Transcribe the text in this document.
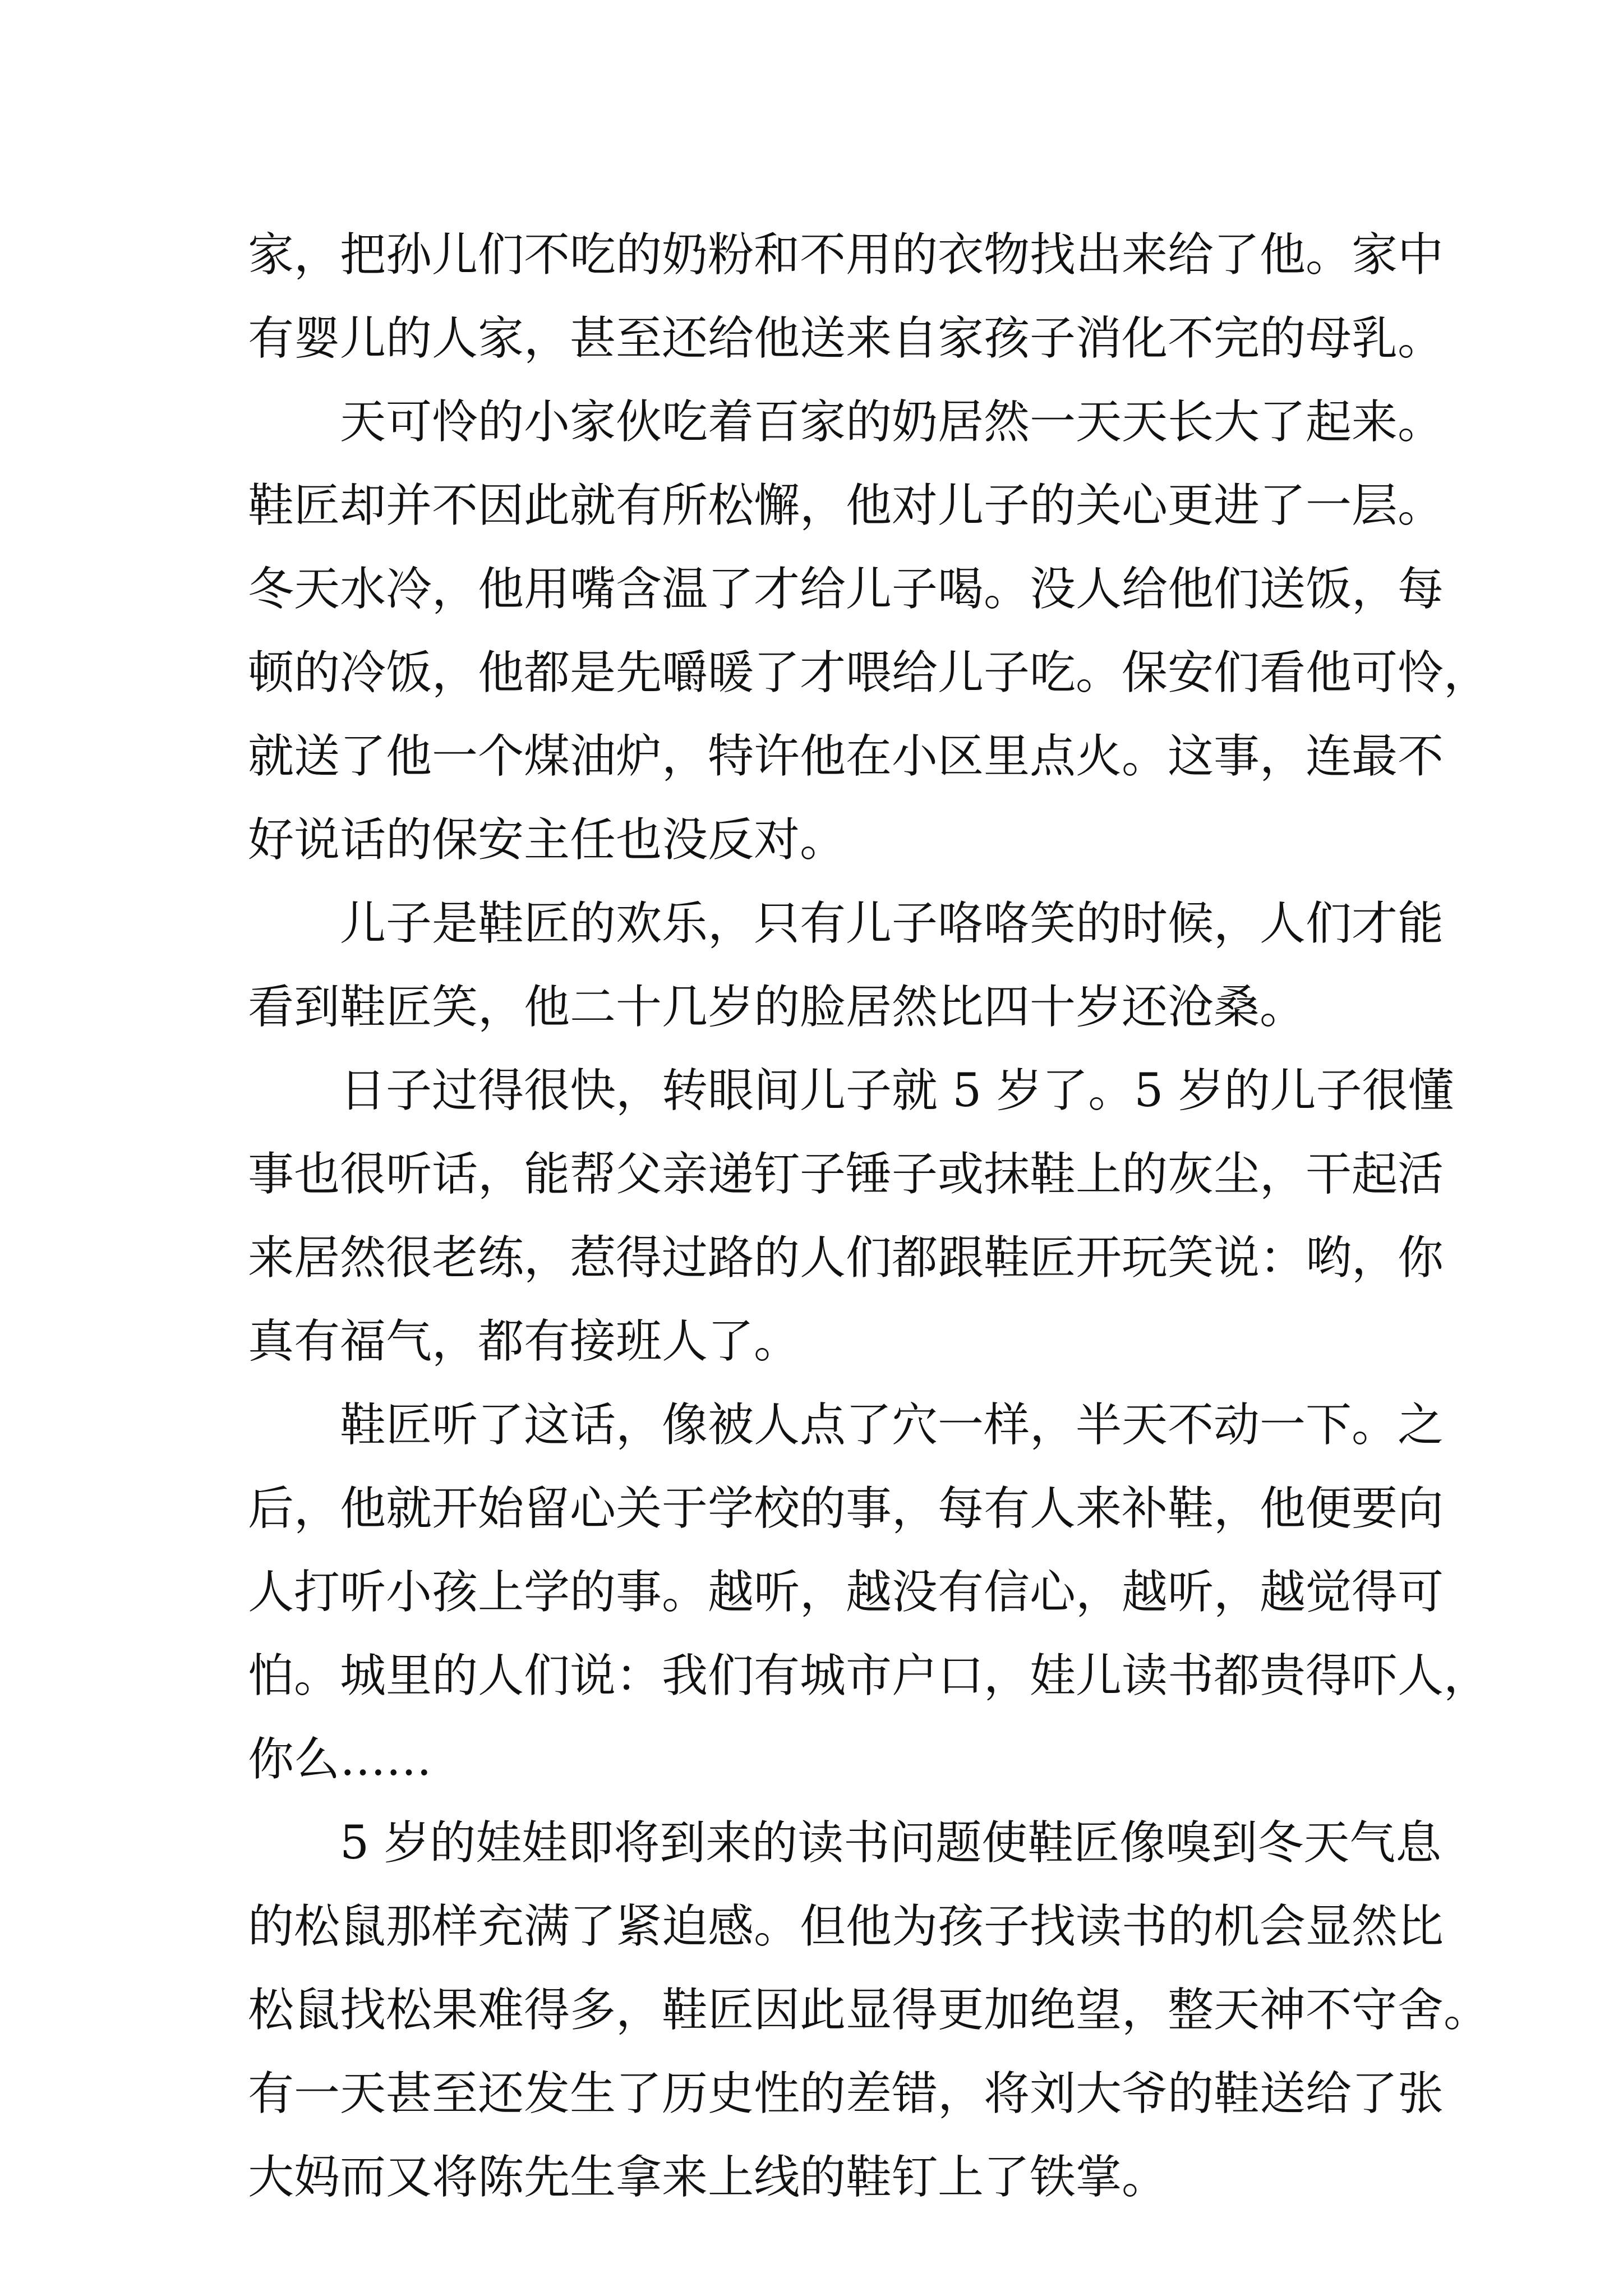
家，把孙儿们不吃的奶粉和不用的衣物找出来给了他。家中
有婴儿的人家，甚至还给他送来自家孩子消化不完的母乳。
天可怜的小家伙吃着百家的奶居然一天天长大了起来。
鞋匠却并不因此就有所松懈，他对儿子的关心更进了一层。
冬天水冷，他用嘴含温了才给儿子喝。没人给他们送饭，每
顿的冷饭，他都是先嚼暖了才喂给儿子吃。保安们看他可怜，
就送了他一个煤油炉，特许他在小区里点火。这事，连最不
好说话的保安主任也没反对。
儿子是鞋匠的欢乐，只有儿子咯咯笑的时候，人们才能
看到鞋匠笑，他二十几岁的脸居然比四十岁还沧桑。
日子过得很快，转眼间儿子就 5 岁了。5 岁的儿子很懂
事也很听话，能帮父亲递钉子锤子或抹鞋上的灰尘，干起活
来居然很老练，惹得过路的人们都跟鞋匠开玩笑说：哟，你
真有福气，都有接班人了。
鞋匠听了这话，像被人点了穴一样，半天不动一下。之
后，他就开始留心关于学校的事，每有人来补鞋，他便要向
人打听小孩上学的事。越听，越没有信心，越听，越觉得可
怕。城里的人们说：我们有城市户口，娃儿读书都贵得吓人，
你么……
5 岁的娃娃即将到来的读书问题使鞋匠像嗅到冬天气息
的松鼠那样充满了紧迫感。但他为孩子找读书的机会显然比
松鼠找松果难得多，鞋匠因此显得更加绝望，整天神不守舍。
有一天甚至还发生了历史性的差错，将刘大爷的鞋送给了张
大妈而又将陈先生拿来上线的鞋钉上了铁掌。
